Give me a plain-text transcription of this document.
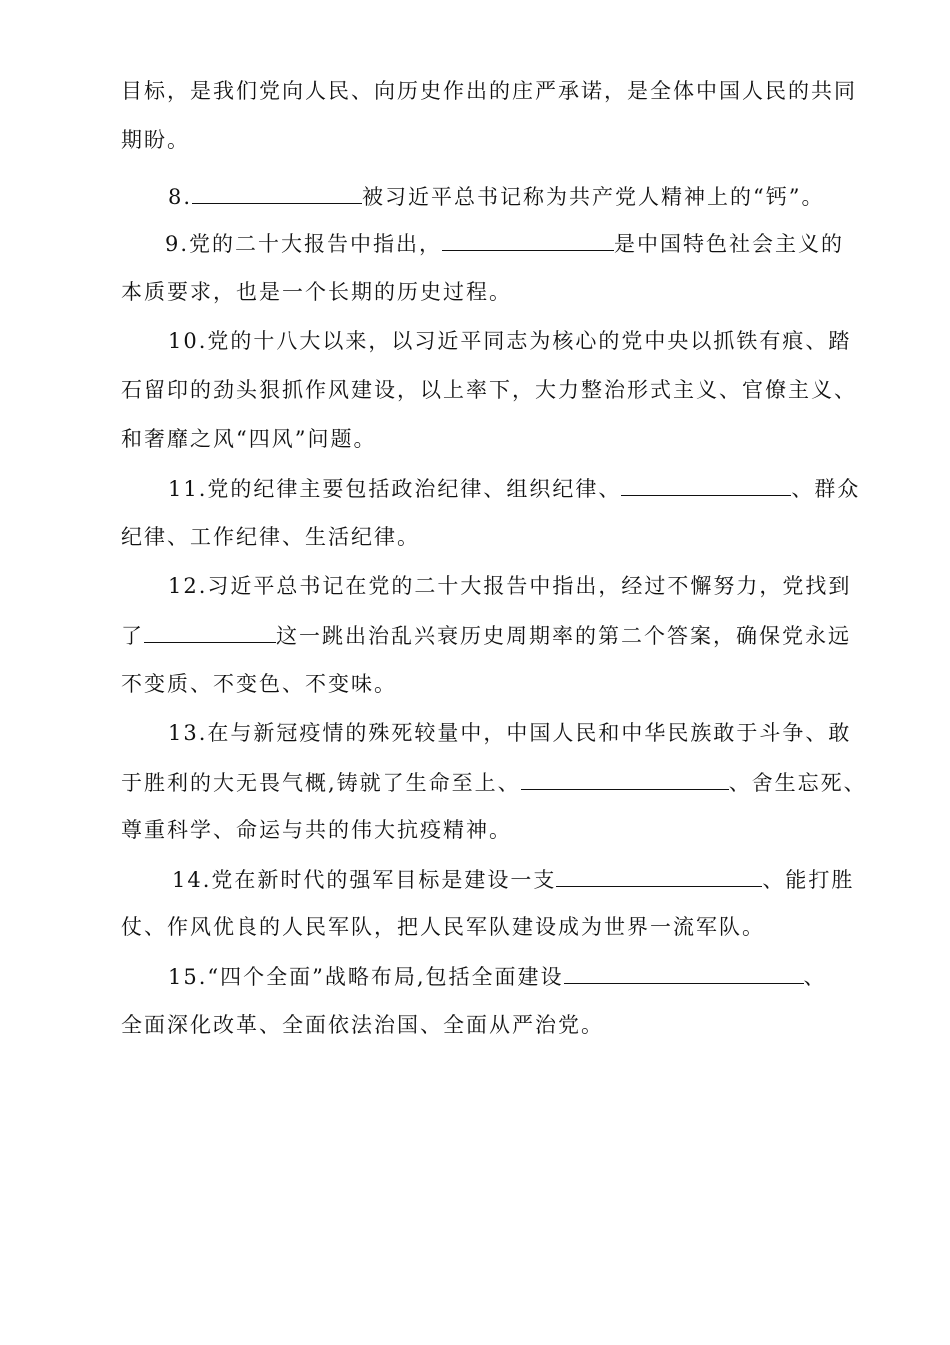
目标，是我们党向人民、向历史作出的庄严承诺，是全体中国人民的共同
期盼。
8.	被习近平总书记称为共产党人精神上的“钙”。
9.党的二十大报告中指出，	是中国特色社会主义的
本质要求，也是一个长期的历史过程。
10.党的十八大以来，以习近平同志为核心的党中央以抓铁有痕、踏
石留印的劲头狠抓作风建设，以上率下，大力整治形式主义、官僚主义、
和奢靡之风“四风”问题。
11.党的纪律主要包括政治纪律、组织纪律、	、群众
纪律、工作纪律、生活纪律。
12.习近平总书记在党的二十大报告中指出，经过不懈努力，党找到
了	这一跳出治乱兴衰历史周期率的第二个答案，确保党永远
不变质、不变色、不变味。
13.在与新冠疫情的殊死较量中，中国人民和中华民族敢于斗争、敢
于胜利的大无畏气概,铸就了生命至上、	、舍生忘死、
尊重科学、命运与共的伟大抗疫精神。
14.党在新时代的强军目标是建设一支	、能打胜
仗、作风优良的人民军队，把人民军队建设成为世界一流军队。
15.“四个全面”战略布局,包括全面建设	、
全面深化改革、全面依法治国、全面从严治党。
